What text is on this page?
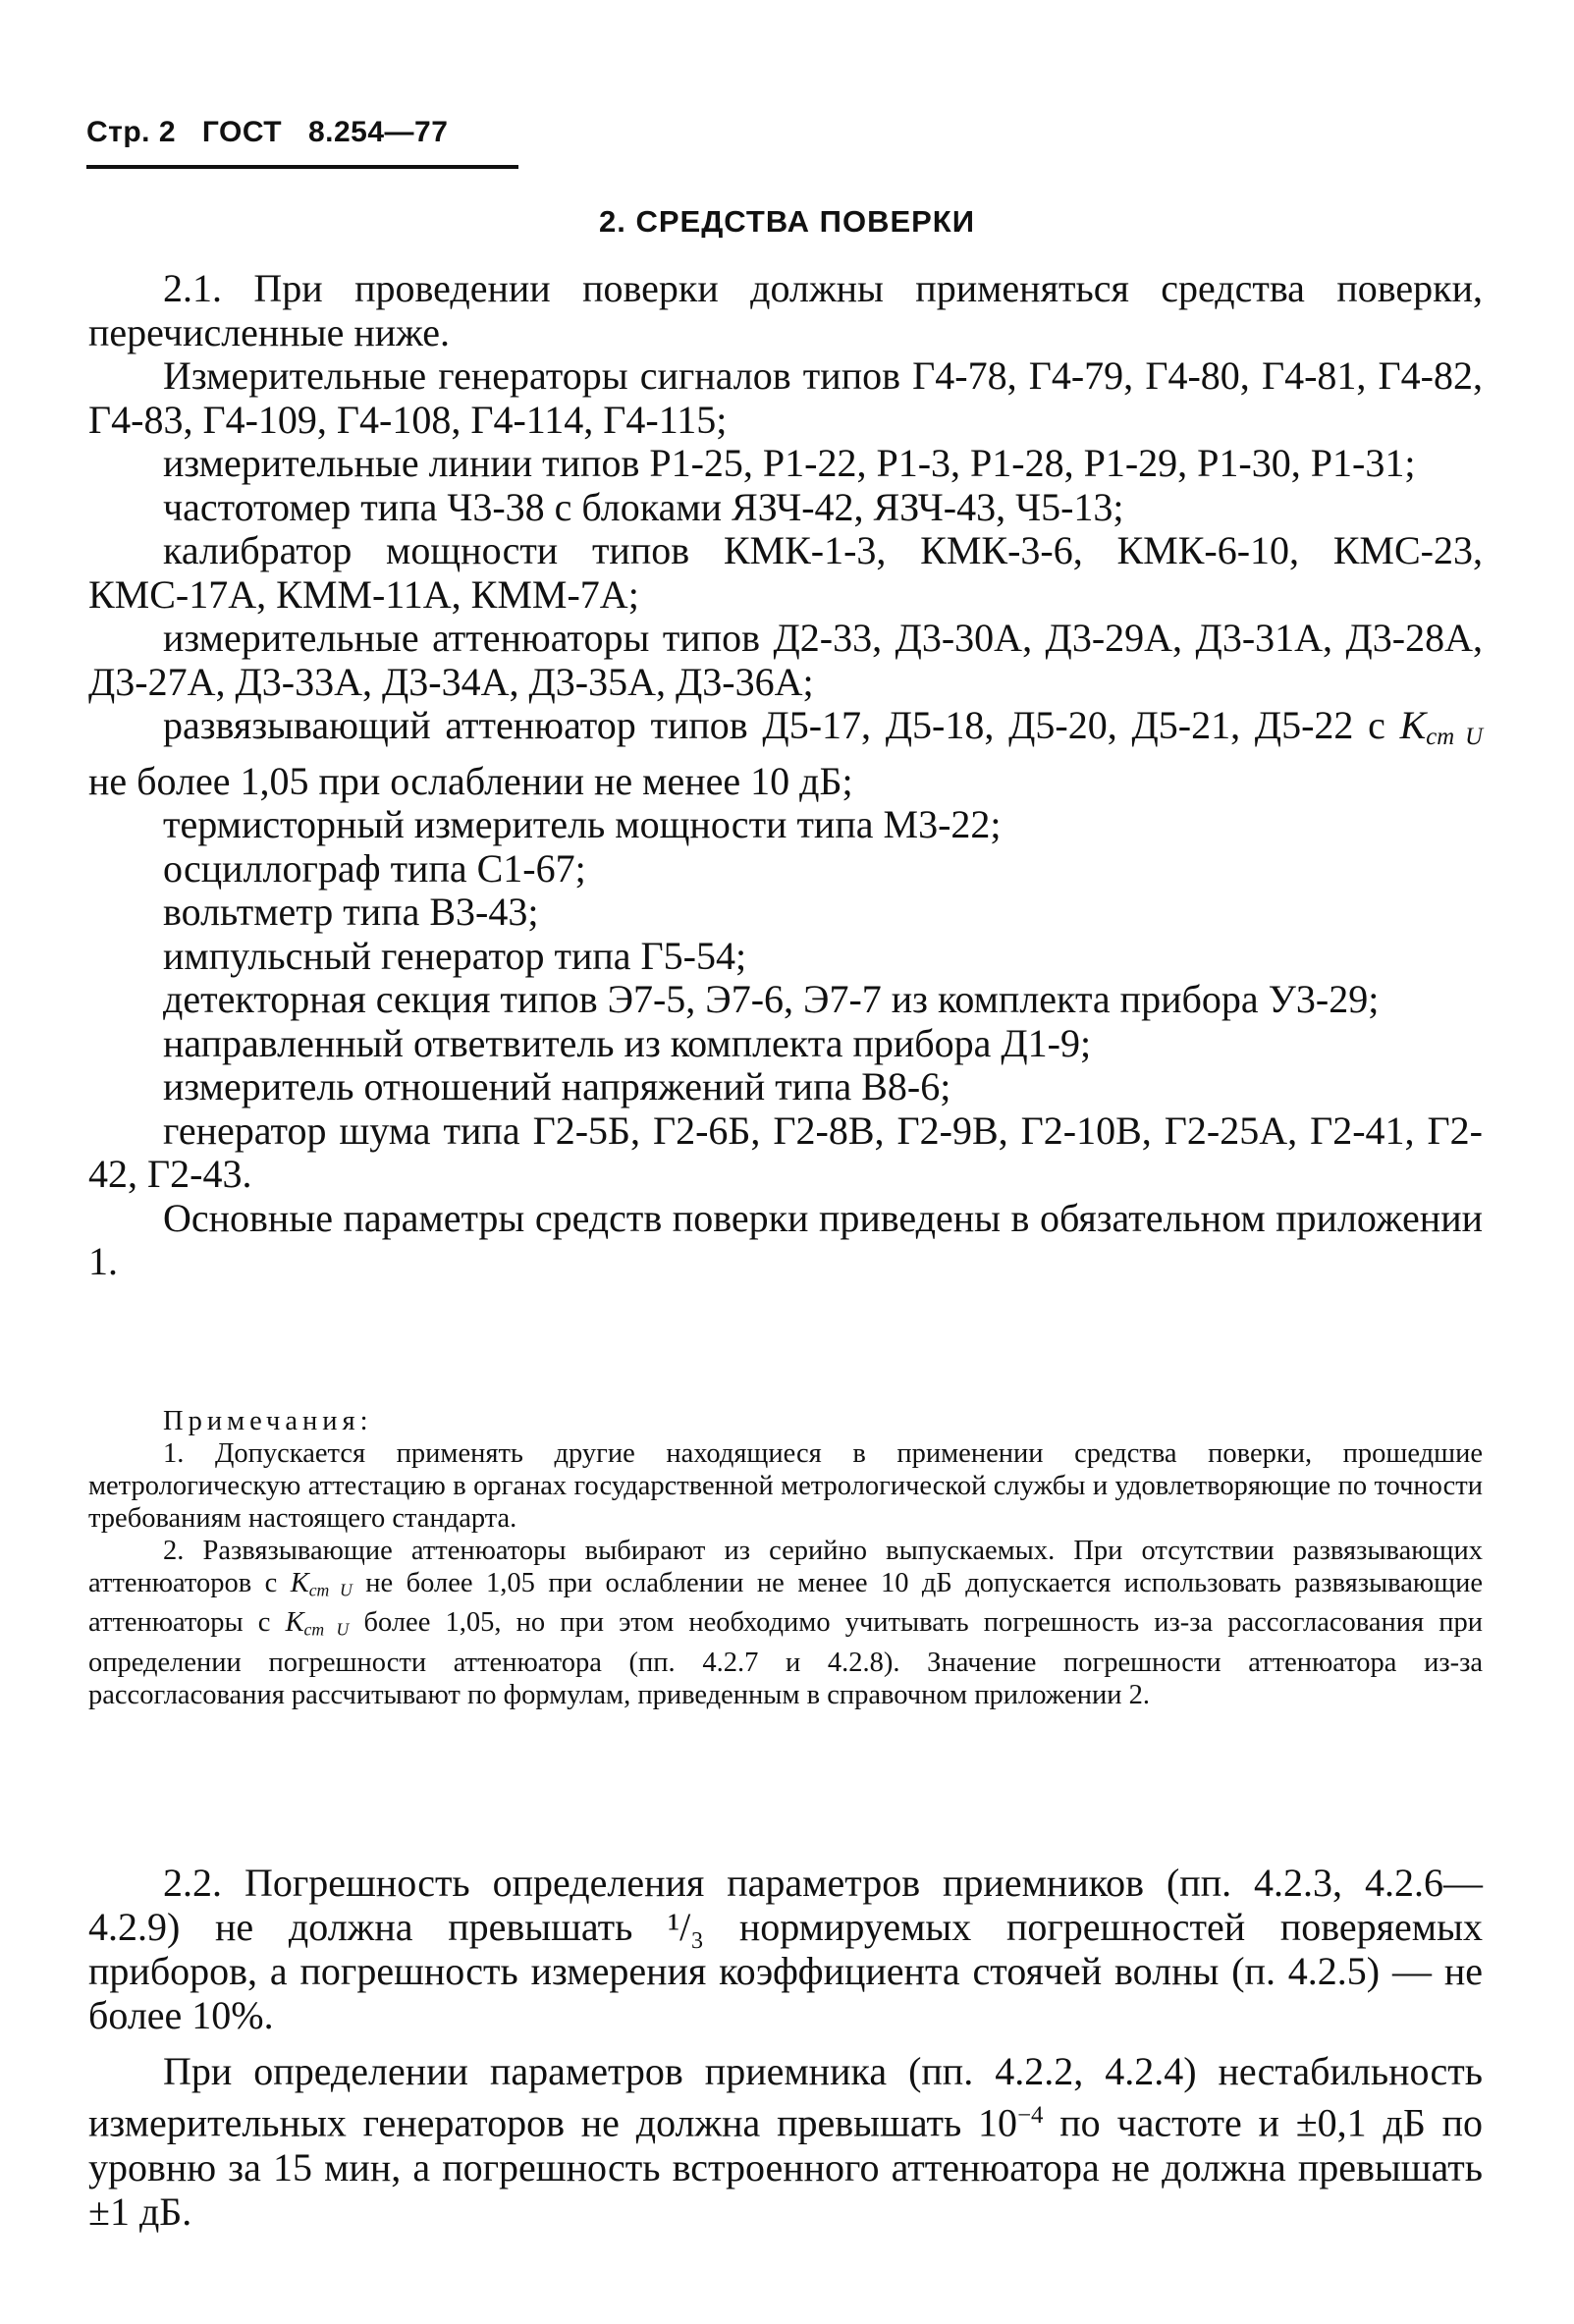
Стр. 2 ГОСТ 8.254—77
2. СРЕДСТВА ПОВЕРКИ

2.1. При проведении поверки должны применяться средства поверки, перечисленные ниже.

Измерительные генераторы сигналов типов Г4-78, Г4-79, Г4-80, Г4-81, Г4-82, Г4-83, Г4-109, Г4-108, Г4-114, Г4-115;

измерительные линии типов Р1-25, Р1-22, Р1-3, Р1-28, Р1-29, Р1-30, Р1-31;

частотомер типа Ч3-38 с блоками ЯЗЧ-42, ЯЗЧ-43, Ч5-13;

калибратор мощности типов КМК-1-3, КМК-3-6, КМК-6-10, КМС-23, КМС-17А, КММ-11А, КММ-7А;

измерительные аттенюаторы типов Д2-33, Д3-30А, Д3-29А, Д3-31А, Д3-28А, Д3-27А, Д3-33А, Д3-34А, Д3-35А, Д3-36А;

развязывающий аттенюатор типов Д5-17, Д5-18, Д5-20, Д5-21, Д5-22 с $К_{ст U}$ не более 1,05 при ослаблении не менее 10 дБ;

термисторный измеритель мощности типа М3-22;

осциллограф типа С1-67;

вольтметр типа В3-43;

импульсный генератор типа Г5-54;

детекторная секция типов Э7-5, Э7-6, Э7-7 из комплекта прибора У3-29;

направленный ответвитель из комплекта прибора Д1-9;

измеритель отношений напряжений типа В8-6;

генератор шума типа Г2-5Б, Г2-6Б, Г2-8В, Г2-9В, Г2-10В, Г2-25А, Г2-41, Г2-42, Г2-43.

Основные параметры средств поверки приведены в обязательном приложении 1.

Примечания:

1. Допускается применять другие находящиеся в применении средства поверки, прошедшие метрологическую аттестацию в органах государственной метрологической службы и удовлетворяющие по точности требованиям настоящего стандарта.

2. Развязывающие аттенюаторы выбирают из серийно выпускаемых. При отсутствии развязывающих аттенюаторов с $К_{ст U}$ не более 1,05 при ослаблении не менее 10 дБ допускается использовать развязывающие аттенюаторы с $К_{ст U}$ более 1,05, но при этом необходимо учитывать погрешность из-за рассогласования при определении погрешности аттенюатора (пп. 4.2.7 и 4.2.8). Значение погрешности аттенюатора из-за рассогласования рассчитывают по формулам, приведенным в справочном приложении 2.

2.2. Погрешность определения параметров приемников (пп. 4.2.3, 4.2.6—4.2.9) не должна превышать ¹/₃ нормируемых погрешностей поверяемых приборов, а погрешность измерения коэффициента стоячей волны (п. 4.2.5) — не более 10%.

При определении параметров приемника (пп. 4.2.2, 4.2.4) нестабильность измерительных генераторов не должна превышать $10^{-4}$ по частоте и ±0,1 дБ по уровню за 15 мин, а погрешность встроенного аттенюатора не должна превышать ±1 дБ.
